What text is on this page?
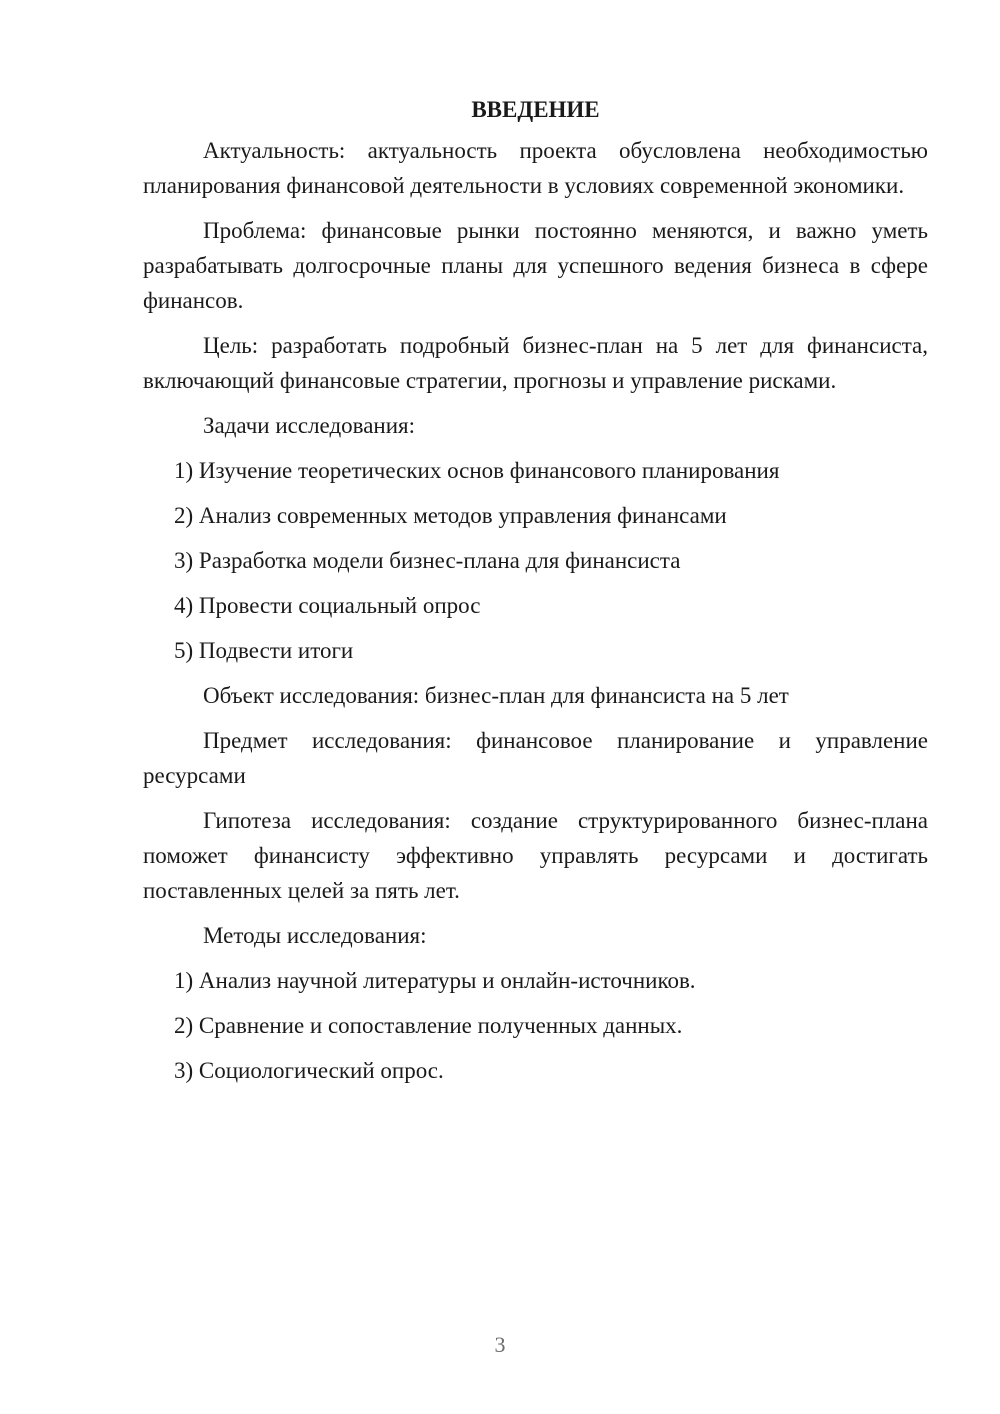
ВВЕДЕНИЕ

Актуальность: актуальность проекта обусловлена необходимостью планирования финансовой деятельности в условиях современной экономики.

Проблема: финансовые рынки постоянно меняются, и важно уметь разрабатывать долгосрочные планы для успешного ведения бизнеса в сфере финансов.

Цель: разработать подробный бизнес-план на 5 лет для финансиста, включающий финансовые стратегии, прогнозы и управление рисками.

Задачи исследования:

1) Изучение теоретических основ финансового планирования
2) Анализ современных методов управления финансами
3) Разработка модели бизнес-плана для финансиста
4) Провести социальный опрос
5) Подвести итоги

Объект исследования: бизнес-план для финансиста на 5 лет

Предмет исследования: финансовое планирование и управление ресурсами

Гипотеза исследования: создание структурированного бизнес-плана поможет финансисту эффективно управлять ресурсами и достигать поставленных целей за пять лет.

Методы исследования:

1) Анализ научной литературы и онлайн-источников.
2) Сравнение и сопоставление полученных данных.
3) Социологический опрос.
3
